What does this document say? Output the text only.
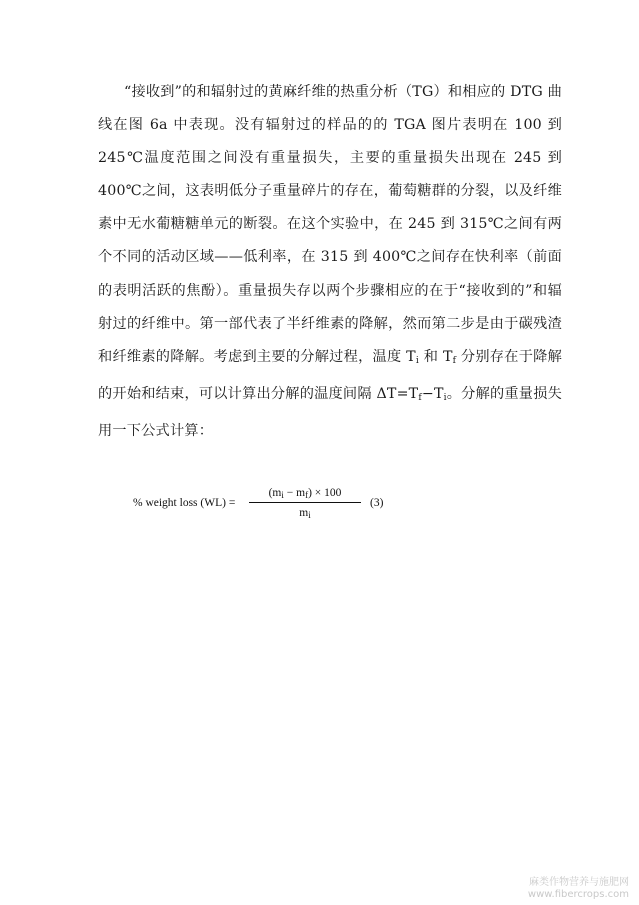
“接收到”的和辐射过的黄麻纤维的热重分析（TG）和相应的 DTG 曲线在图 6a 中表现。没有辐射过的样品的的 TGA 图片表明在 100 到 245℃温度范围之间没有重量损失，主要的重量损失出现在 245 到 400℃之间，这表明低分子重量碎片的存在，葡萄糖群的分裂，以及纤维素中无水葡糖糖单元的断裂。在这个实验中，在 245 到 315℃之间有两个不同的活动区域——低利率，在 315 到 400℃之间存在快利率（前面的表明活跃的焦酚）。重量损失存以两个步骤相应的在于“接收到的”和辐射过的纤维中。第一部代表了半纤维素的降解，然而第二步是由于碳残渣和纤维素的降解。考虑到主要的分解过程，温度 $T_i$ 和 $T_f$ 分别存在于降解的开始和结束，可以计算出分解的温度间隔 $\Delta T=T_f-T_i$。分解的重量损失用一下公式计算：

% weight loss (WL) =
$(m_i - m_f) \times 100$
$m_i$
(3)
麻类作物营养与施肥网
www.fibercrops.com
